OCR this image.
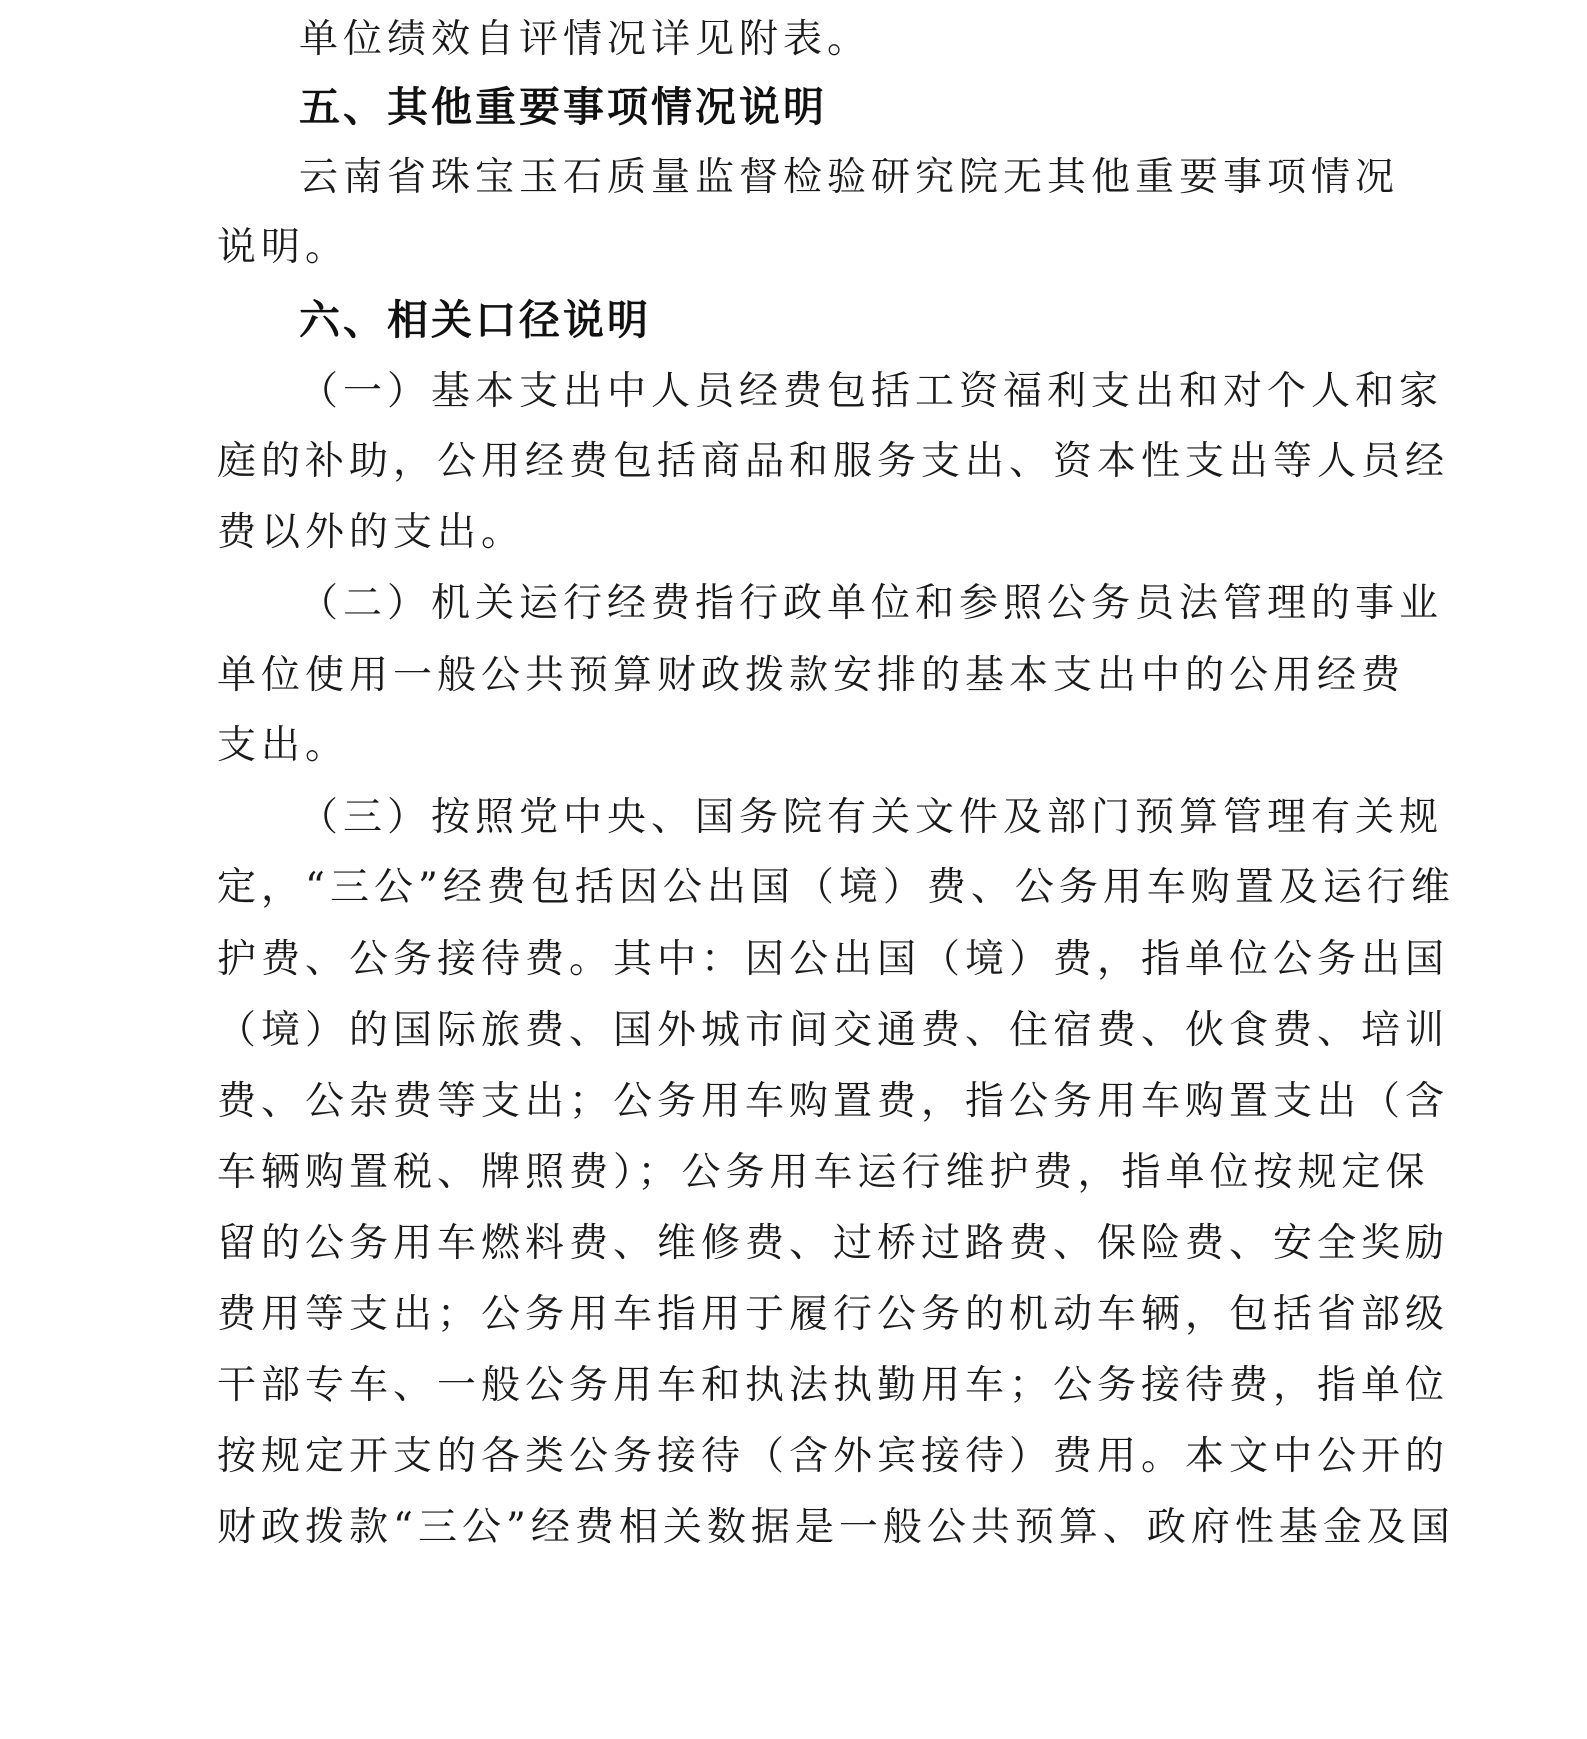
单位绩效自评情况详见附表。
五、其他重要事项情况说明
云南省珠宝玉石质量监督检验研究院无其他重要事项情况
说明。
六、相关口径说明
（一）基本支出中人员经费包括工资福利支出和对个人和家
庭的补助，公用经费包括商品和服务支出、资本性支出等人员经
费以外的支出。
（二）机关运行经费指行政单位和参照公务员法管理的事业
单位使用一般公共预算财政拨款安排的基本支出中的公用经费
支出。
（三）按照党中央、国务院有关文件及部门预算管理有关规
定，“三公”经费包括因公出国（境）费、公务用车购置及运行维
护费、公务接待费。其中：因公出国（境）费，指单位公务出国
（境）的国际旅费、国外城市间交通费、住宿费、伙食费、培训
费、公杂费等支出；公务用车购置费，指公务用车购置支出（含
车辆购置税、牌照费）；公务用车运行维护费，指单位按规定保
留的公务用车燃料费、维修费、过桥过路费、保险费、安全奖励
费用等支出；公务用车指用于履行公务的机动车辆，包括省部级
干部专车、一般公务用车和执法执勤用车；公务接待费，指单位
按规定开支的各类公务接待（含外宾接待）费用。本文中公开的
财政拨款“三公”经费相关数据是一般公共预算、政府性基金及国
